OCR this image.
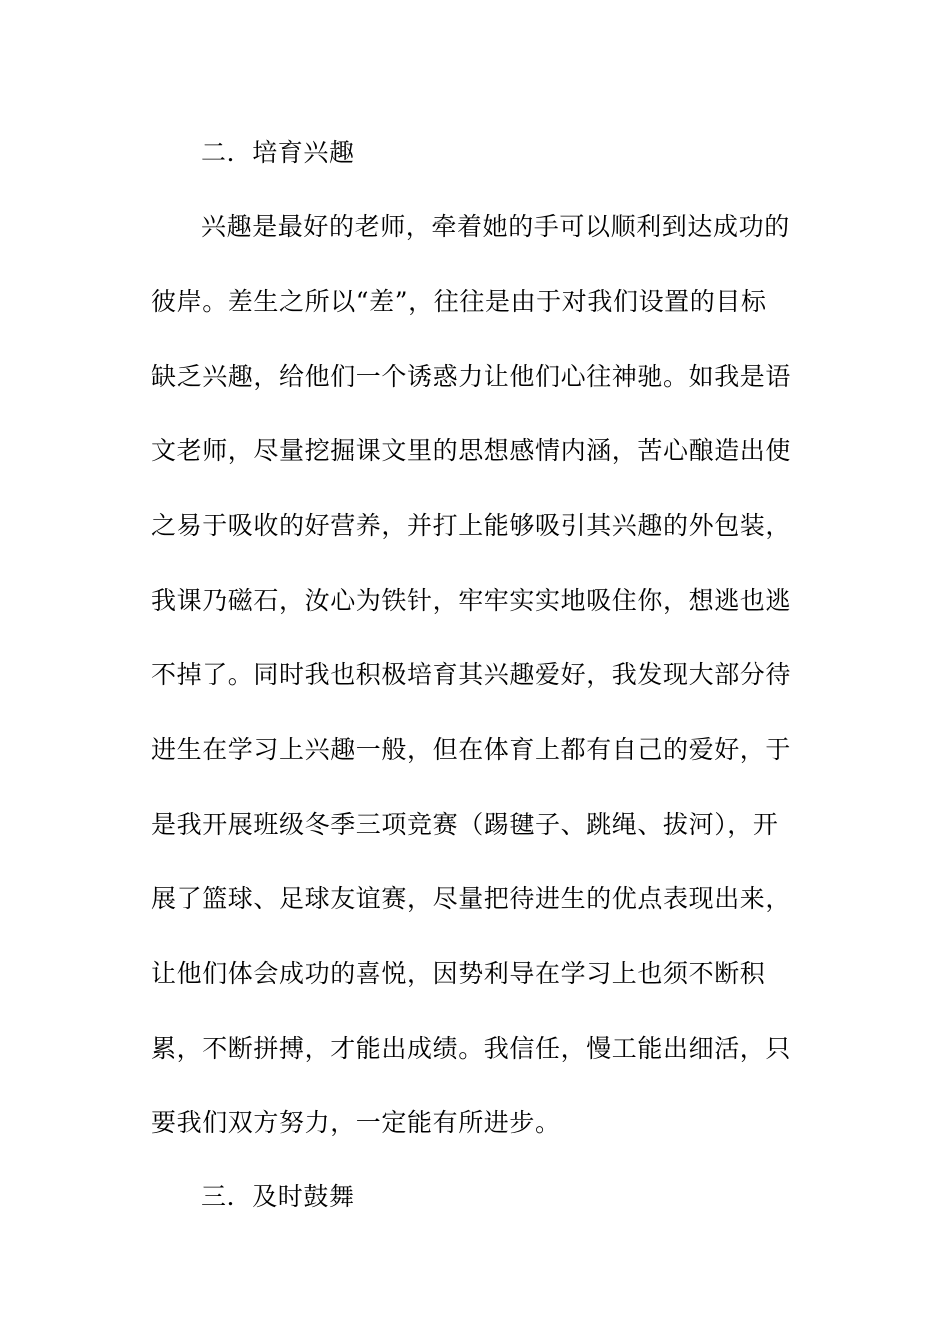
二．培育兴趣
兴趣是最好的老师，牵着她的手可以顺利到达成功的
彼岸。差生之所以“差”，往往是由于对我们设置的目标
缺乏兴趣，给他们一个诱惑力让他们心往神驰。如我是语
文老师，尽量挖掘课文里的思想感情内涵，苦心酿造出使
之易于吸收的好营养，并打上能够吸引其兴趣的外包装，
我课乃磁石，汝心为铁针，牢牢实实地吸住你，想逃也逃
不掉了。同时我也积极培育其兴趣爱好，我发现大部分待
进生在学习上兴趣一般，但在体育上都有自己的爱好，于
是我开展班级冬季三项竞赛（踢毽子、跳绳、拔河），开
展了篮球、足球友谊赛，尽量把待进生的优点表现出来，
让他们体会成功的喜悦，因势利导在学习上也须不断积
累，不断拼搏，才能出成绩。我信任，慢工能出细活，只
要我们双方努力，一定能有所进步。
三．及时鼓舞
